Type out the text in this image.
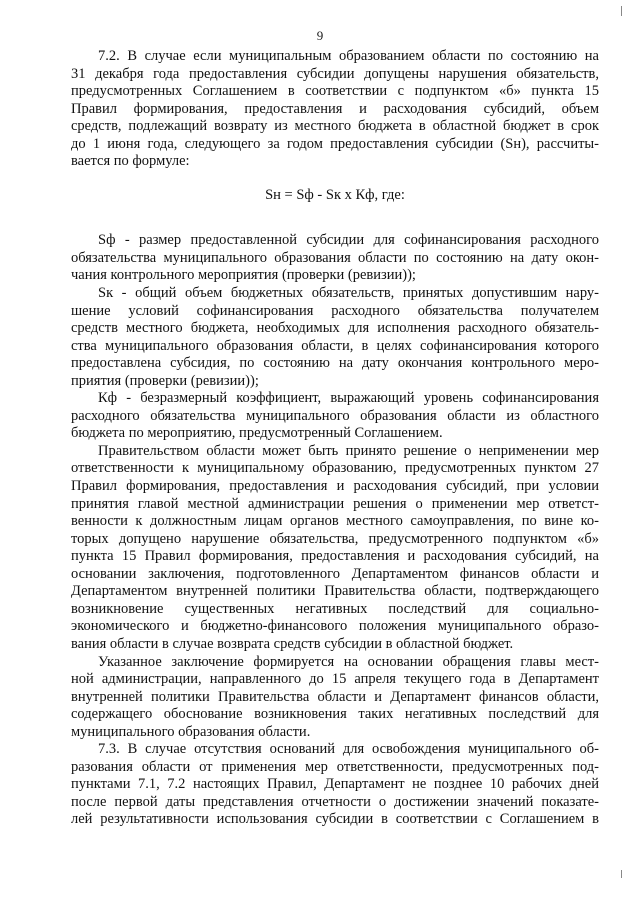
9
7.2. В случае если муниципальным образованием области по состоянию на
31 декабря года предоставления субсидии допущены нарушения обязательств,
предусмотренных Соглашением в соответствии с подпунктом «б» пункта 15
Правил формирования, предоставления и расходования субсидий, объем
средств, подлежащий возврату из местного бюджета в областной бюджет в срок
до 1 июня года, следующего за годом предоставления субсидии (Sн), рассчиты-
вается по формуле:
Sн = Sф - Sк х Кф, где:
Sф - размер предоставленной субсидии для софинансирования расходного
обязательства муниципального образования области по состоянию на дату окон-
чания контрольного мероприятия (проверки (ревизии));
Sк - общий объем бюджетных обязательств, принятых допустившим нару-
шение условий софинансирования расходного обязательства получателем
средств местного бюджета, необходимых для исполнения расходного обязатель-
ства муниципального образования области, в целях софинансирования которого
предоставлена субсидия, по состоянию на дату окончания контрольного меро-
приятия (проверки (ревизии));
Кф - безразмерный коэффициент, выражающий уровень софинансирования
расходного обязательства муниципального образования области из областного
бюджета по мероприятию, предусмотренный Соглашением.
Правительством области может быть принято решение о неприменении мер
ответственности к муниципальному образованию, предусмотренных пунктом 27
Правил формирования, предоставления и расходования субсидий, при условии
принятия главой местной администрации решения о применении мер ответст-
венности к должностным лицам органов местного самоуправления, по вине ко-
торых допущено нарушение обязательства, предусмотренного подпунктом «б»
пункта 15 Правил формирования, предоставления и расходования субсидий, на
основании заключения, подготовленного Департаментом финансов области и
Департаментом внутренней политики Правительства области, подтверждающего
возникновение существенных негативных последствий для социально-
экономического и бюджетно-финансового положения муниципального образо-
вания области в случае возврата средств субсидии в областной бюджет.
Указанное заключение формируется на основании обращения главы мест-
ной администрации, направленного до 15 апреля текущего года в Департамент
внутренней политики Правительства области и Департамент финансов области,
содержащего обоснование возникновения таких негативных последствий для
муниципального образования области.
7.3. В случае отсутствия оснований для освобождения муниципального об-
разования области от применения мер ответственности, предусмотренных под-
пунктами 7.1, 7.2 настоящих Правил, Департамент не позднее 10 рабочих дней
после первой даты представления отчетности о достижении значений показате-
лей результативности использования субсидии в соответствии с Соглашением в
